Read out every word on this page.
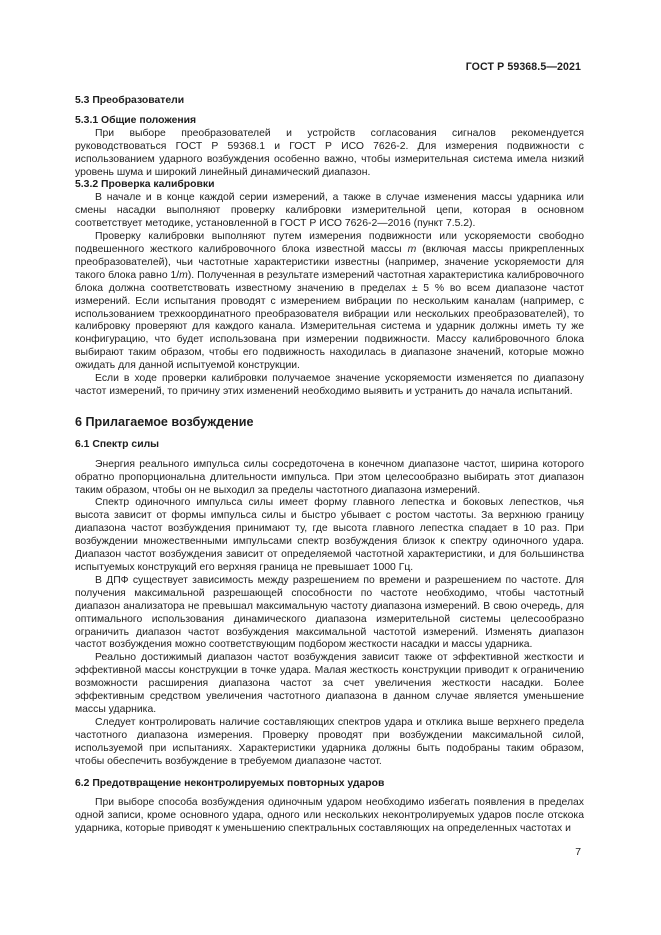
ГОСТ Р 59368.5—2021
5.3 Преобразователи
5.3.1 Общие положения

При выборе преобразователей и устройств согласования сигналов рекомендуется руководствоваться ГОСТ Р 59368.1 и ГОСТ Р ИСО 7626-2. Для измерения подвижности с использованием ударного возбуждения особенно важно, чтобы измерительная система имела низкий уровень шума и широкий линейный динамический диапазон.

5.3.2 Проверка калибровки

В начале и в конце каждой серии измерений, а также в случае изменения массы ударника или смены насадки выполняют проверку калибровки измерительной цепи, которая в основном соответствует методике, установленной в ГОСТ Р ИСО 7626-2—2016 (пункт 7.5.2).

Проверку калибровки выполняют путем измерения подвижности или ускоряемости свободно подвешенного жесткого калибровочного блока известной массы m (включая массы прикрепленных преобразователей), чьи частотные характеристики известны (например, значение ускоряемости для такого блока равно 1/m). Полученная в результате измерений частотная характеристика калибровочного блока должна соответствовать известному значению в пределах ± 5 % во всем диапазоне частот измерений. Если испытания проводят с измерением вибрации по нескольким каналам (например, с использованием трехкоординатного преобразователя вибрации или нескольких преобразователей), то калибровку проверяют для каждого канала. Измерительная система и ударник должны иметь ту же конфигурацию, что будет использована при измерении подвижности. Массу калибровочного блока выбирают таким образом, чтобы его подвижность находилась в диапазоне значений, которые можно ожидать для данной испытуемой конструкции.

Если в ходе проверки калибровки получаемое значение ускоряемости изменяется по диапазону частот измерений, то причину этих изменений необходимо выявить и устранить до начала испытаний.

6 Прилагаемое возбуждение
6.1 Спектр силы

Энергия реального импульса силы сосредоточена в конечном диапазоне частот, ширина которого обратно пропорциональна длительности импульса. При этом целесообразно выбирать этот диапазон таким образом, чтобы он не выходил за пределы частотного диапазона измерений.

Спектр одиночного импульса силы имеет форму главного лепестка и боковых лепестков, чья высота зависит от формы импульса силы и быстро убывает с ростом частоты. За верхнюю границу диапазона частот возбуждения принимают ту, где высота главного лепестка спадает в 10 раз. При возбуждении множественными импульсами спектр возбуждения близок к спектру одиночного удара. Диапазон частот возбуждения зависит от определяемой частотной характеристики, и для большинства испытуемых конструкций его верхняя граница не превышает 1000 Гц.

В ДПФ существует зависимость между разрешением по времени и разрешением по частоте. Для получения максимальной разрешающей способности по частоте необходимо, чтобы частотный диапазон анализатора не превышал максимальную частоту диапазона измерений. В свою очередь, для оптимального использования динамического диапазона измерительной системы целесообразно ограничить диапазон частот возбуждения максимальной частотой измерений. Изменять диапазон частот возбуждения можно соответствующим подбором жесткости насадки и массы ударника.

Реально достижимый диапазон частот возбуждения зависит также от эффективной жесткости и эффективной массы конструкции в точке удара. Малая жесткость конструкции приводит к ограничению возможности расширения диапазона частот за счет увеличения жесткости насадки. Более эффективным средством увеличения частотного диапазона в данном случае является уменьшение массы ударника.

Следует контролировать наличие составляющих спектров удара и отклика выше верхнего предела частотного диапазона измерения. Проверку проводят при возбуждении максимальной силой, используемой при испытаниях. Характеристики ударника должны быть подобраны таким образом, чтобы обеспечить возбуждение в требуемом диапазоне частот.

6.2 Предотвращение неконтролируемых повторных ударов

При выборе способа возбуждения одиночным ударом необходимо избегать появления в пределах одной записи, кроме основного удара, одного или нескольких неконтролируемых ударов после отскока ударника, которые приводят к уменьшению спектральных составляющих на определенных частотах и

7
